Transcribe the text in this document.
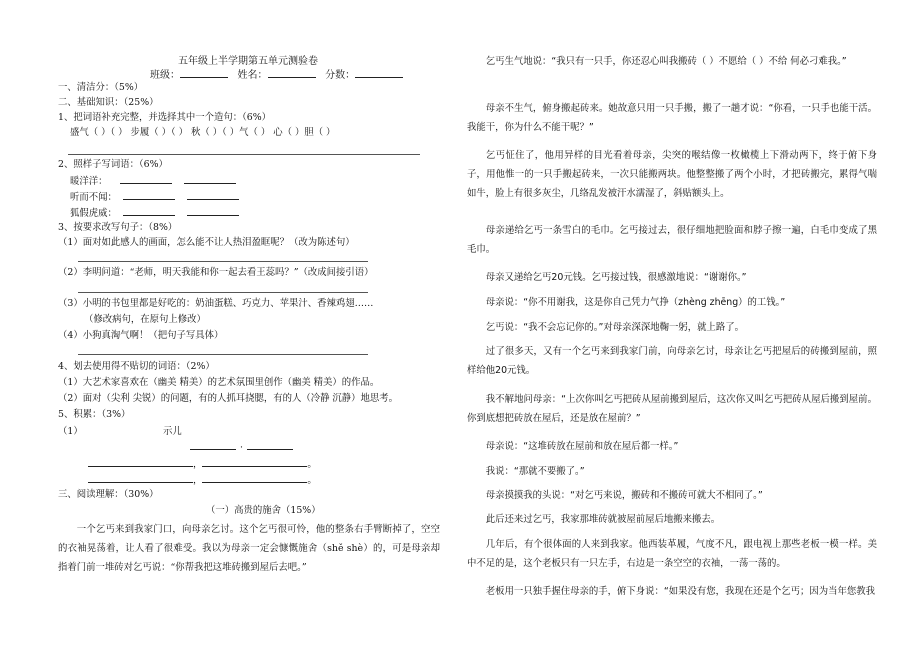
五年级上半学期第五单元测验卷
班级：	姓名：	分数：
一、清洁分：（5%）
二、基础知识：（25%）
1、把词语补充完整，并选择其中一个造句：（6%）
盛气（ ）（ ） 步履（ ）（ ） 秋（ ）（ ）气（ ） 心（ ）胆（ ）
2、照样子写词语：（6%）
暖洋洋：
听而不闻：
狐假虎威：
3、按要求改写句子：（8%）
（1）面对如此感人的画面，怎么能不让人热泪盈眶呢？（改为陈述句）
（2）李明问道：“老师，明天我能和你一起去看王蕊吗？”（改成间接引语）
（3）小明的书包里都是好吃的：奶油蛋糕、巧克力、苹果汁、香辣鸡翅……
（修改病句，在原句上修改）
（4）小狗真淘气啊！（把句子写具体）
4、划去使用得不贴切的词语：（2%）
（1）大艺术家喜欢在（幽美 精美）的艺术氛围里创作（幽美 精美）的作品。
（2）面对（尖利 尖锐）的问题，有的人抓耳挠腮，有的人（冷静 沉静）地思考。
5、积累：（3%）
（1）	示儿
·
，	。
，	。
三、阅读理解：（30%）
（一）高贵的施舍（15%）
一个乞丐来到我家门口，向母亲乞讨。这个乞丐很可怜，他的整条右手臂断掉了，空空的衣袖晃荡着，让人看了很难受。我以为母亲一定会慷慨施舍（shě shè）的，可是母亲却指着门前一堆砖对乞丐说：“你帮我把这堆砖搬到屋后去吧。”
乞丐生气地说：“我只有一只手，你还忍心叫我搬砖（ ）不愿给（ ）不给 何必刁难我。”
母亲不生气，俯身搬起砖来。她故意只用一只手搬，搬了一趟才说：“你看，一只手也能干活。我能干，你为什么不能干呢？”
乞丐怔住了，他用异样的目光看着母亲，尖突的喉结像一枚橄榄上下滑动两下，终于俯下身子，用他惟一的一只手搬起砖来，一次只能搬两块。他整整搬了两个小时，才把砖搬完，累得气喘如牛，脸上有很多灰尘，几络乱发被汗水濡湿了，斜贴额头上。
母亲递给乞丐一条雪白的毛巾。乞丐接过去，很仔细地把脸面和脖子擦一遍，白毛巾变成了黑毛巾。
母亲又递给乞丐20元钱。乞丐接过钱，很感激地说：“谢谢你。”
母亲说：“你不用谢我，这是你自己凭力气挣（zhèng zhēng）的工钱。”
乞丐说：“我不会忘记你的。”对母亲深深地鞠一躬，就上路了。
过了很多天，又有一个乞丐来到我家门前，向母亲乞讨，母亲让乞丐把屋后的砖搬到屋前，照样给他20元钱。
我不解地问母亲：“上次你叫乞丐把砖从屋前搬到屋后，这次你又叫乞丐把砖从屋后搬到屋前。你到底想把砖放在屋后，还是放在屋前？”
母亲说：“这堆砖放在屋前和放在屋后都一样。”
我说：“那就不要搬了。”
母亲摸摸我的头说：“对乞丐来说，搬砖和不搬砖可就大不相同了。”
此后还来过乞丐，我家那堆砖就被屋前屋后地搬来搬去。
几年后，有个很体面的人来到我家。他西装革履，气度不凡，跟电视上那些老板一模一样。美中不足的是，这个老板只有一只左手，右边是一条空空的衣袖，一荡一荡的。
老板用一只独手握住母亲的手，俯下身说：“如果没有您，我现在还是个乞丐；因为当年您教我
